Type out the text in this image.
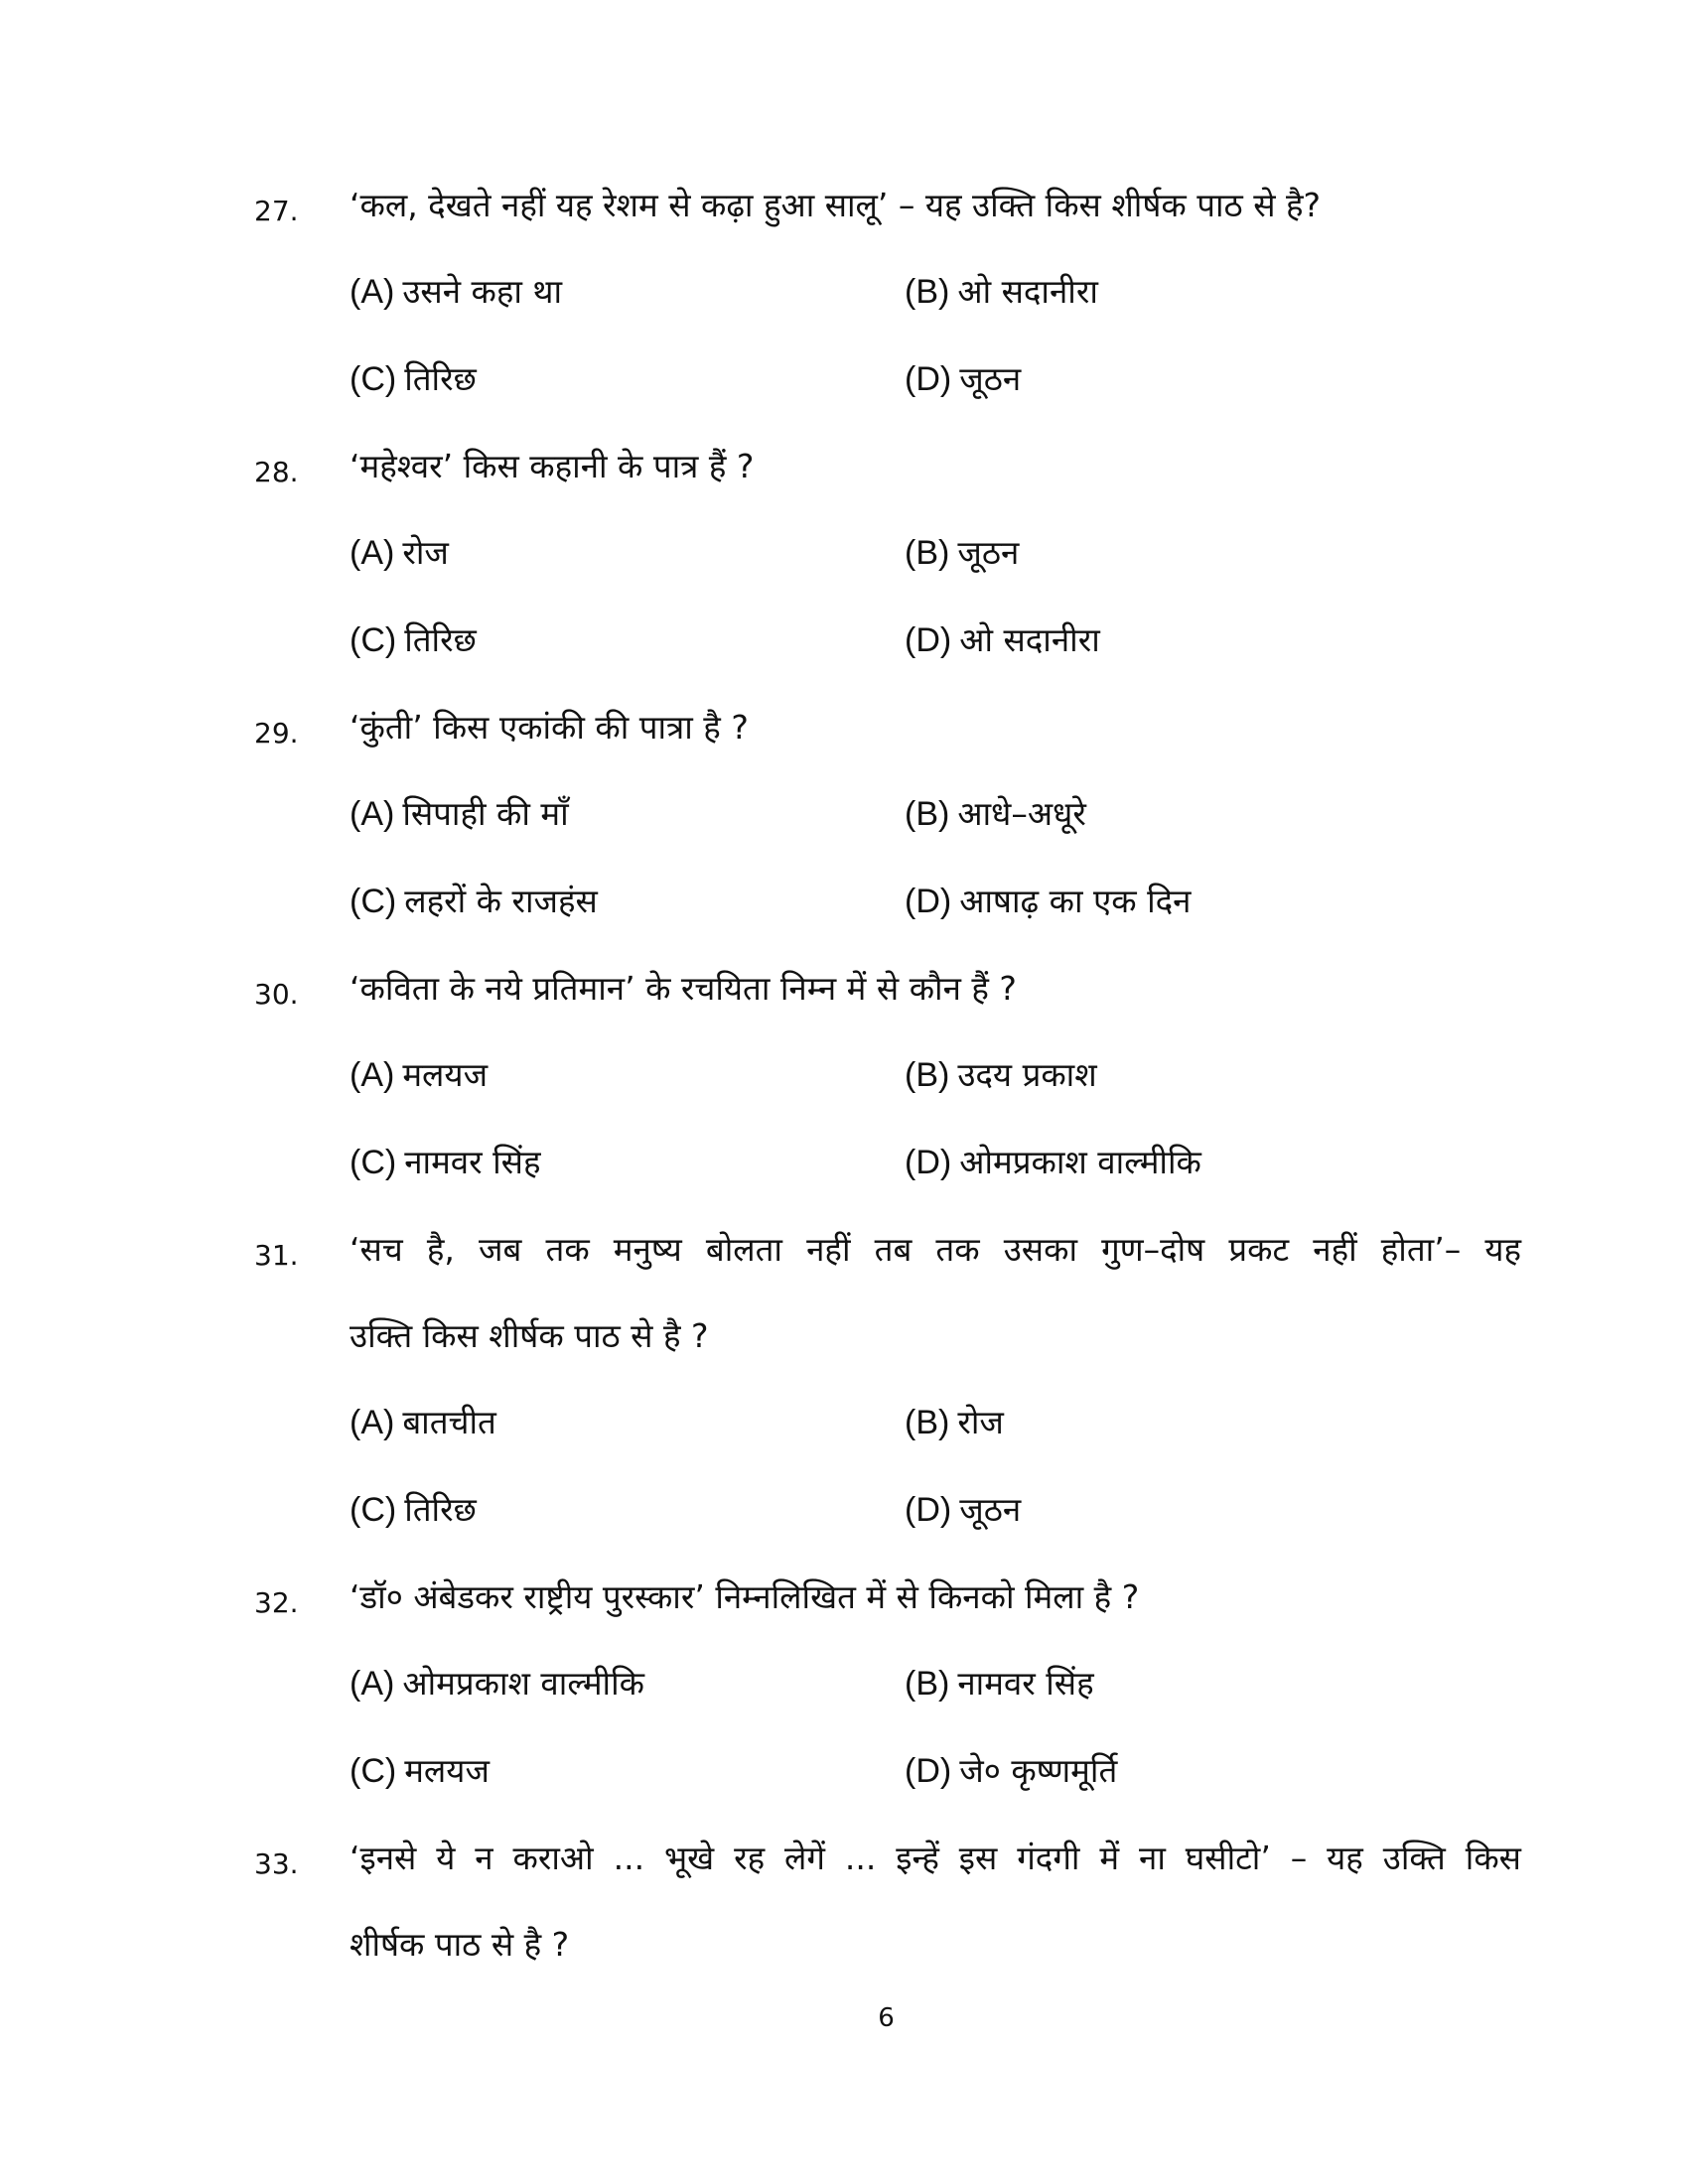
27. ‘कल, देखते नहीं यह रेशम से कढ़ा हुआ सालू’ – यह उक्ति किस शीर्षक पाठ से है?
(A) उसने कहा था	(B) ओ सदानीरा
(C) तिरिछ	(D) जूठन
28. ‘महेश्वर’ किस कहानी के पात्र हैं ?
(A) रोज	(B) जूठन
(C) तिरिछ	(D) ओ सदानीरा
29. ‘कुंती’ किस एकांकी की पात्रा है ?
(A) सिपाही की माँ	(B) आधे–अधूरे
(C) लहरों के राजहंस	(D) आषाढ़ का एक दिन
30. ‘कविता के नये प्रतिमान’ के रचयिता निम्न में से कौन हैं ?
(A) मलयज	(B) उदय प्रकाश
(C) नामवर सिंह	(D) ओमप्रकाश वाल्मीकि
31. ‘सच है, जब तक मनुष्य बोलता नहीं तब तक उसका गुण–दोष प्रकट नहीं होता’– यह
उक्ति किस शीर्षक पाठ से है ?
(A) बातचीत	(B) रोज
(C) तिरिछ	(D) जूठन
32. ‘डॉ० अंबेडकर राष्ट्रीय पुरस्कार’ निम्नलिखित में से किनको मिला है ?
(A) ओमप्रकाश वाल्मीकि	(B) नामवर सिंह
(C) मलयज	(D) जे० कृष्णमूर्ति
33. ‘इनसे ये न कराओ ... भूखे रह लेगें ... इन्हें इस गंदगी में ना घसीटो’ – यह उक्ति किस
शीर्षक पाठ से है ?
6
